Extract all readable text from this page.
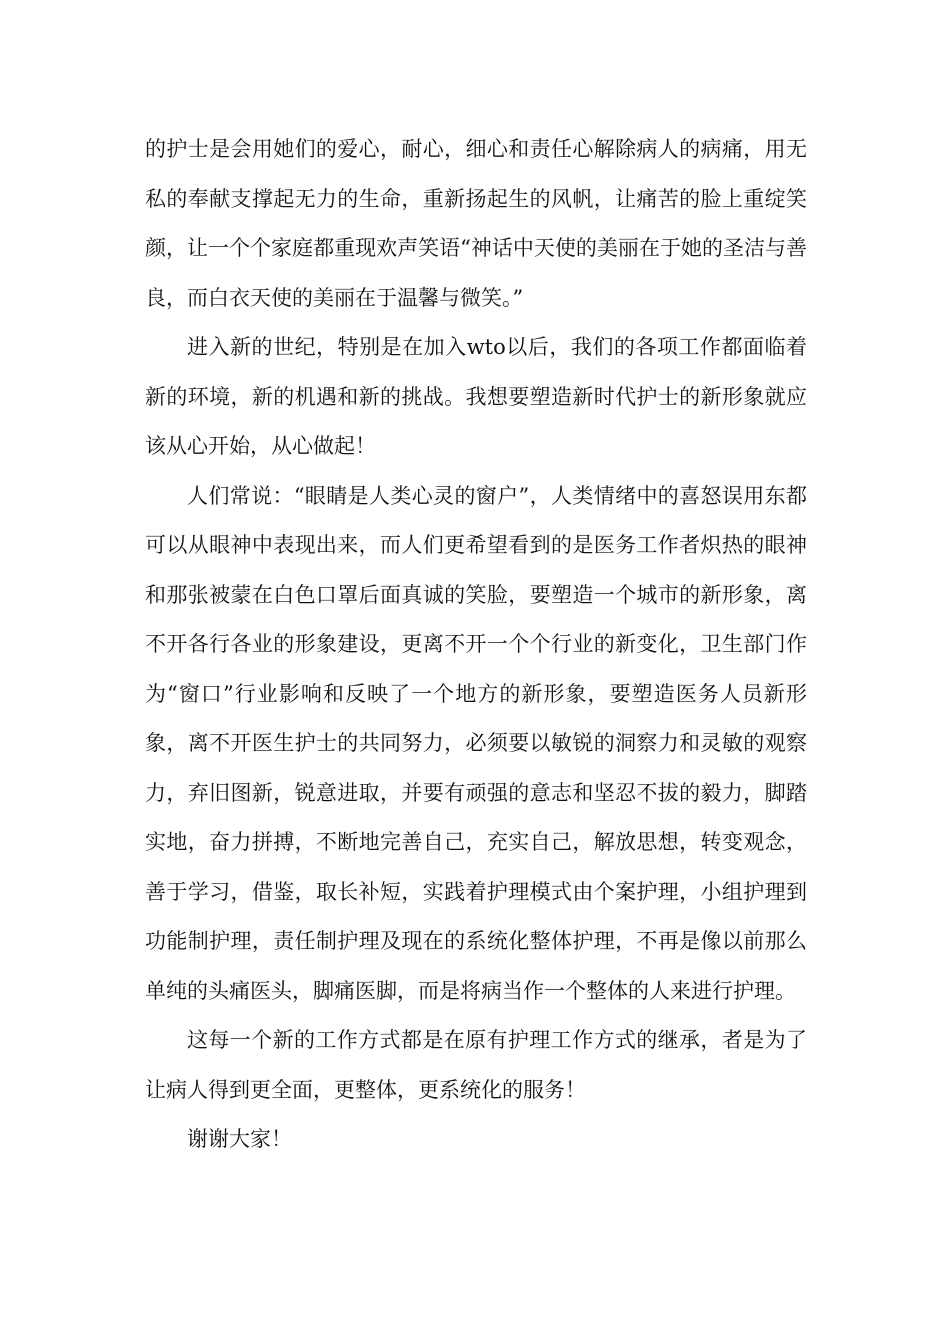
的护士是会用她们的爱心，耐心，细心和责任心解除病人的病痛，用无私的奉献支撑起无力的生命，重新扬起生的风帆，让痛苦的脸上重绽笑颜，让一个个家庭都重现欢声笑语“神话中天使的美丽在于她的圣洁与善良，而白衣天使的美丽在于温馨与微笑。”

进入新的世纪，特别是在加入wto以后，我们的各项工作都面临着新的环境，新的机遇和新的挑战。我想要塑造新时代护士的新形象就应该从心开始，从心做起！

人们常说：“眼睛是人类心灵的窗户”，人类情绪中的喜怒误用东都可以从眼神中表现出来，而人们更希望看到的是医务工作者炽热的眼神和那张被蒙在白色口罩后面真诚的笑脸，要塑造一个城市的新形象，离不开各行各业的形象建设，更离不开一个个行业的新变化，卫生部门作为“窗口”行业影响和反映了一个地方的新形象，要塑造医务人员新形象，离不开医生护士的共同努力，必须要以敏锐的洞察力和灵敏的观察力，弃旧图新，锐意进取，并要有顽强的意志和坚忍不拔的毅力，脚踏实地，奋力拼搏，不断地完善自己，充实自己，解放思想，转变观念，善于学习，借鉴，取长补短，实践着护理模式由个案护理，小组护理到功能制护理，责任制护理及现在的系统化整体护理，不再是像以前那么单纯的头痛医头，脚痛医脚，而是将病当作一个整体的人来进行护理。

这每一个新的工作方式都是在原有护理工作方式的继承，者是为了让病人得到更全面，更整体，更系统化的服务！

谢谢大家！
